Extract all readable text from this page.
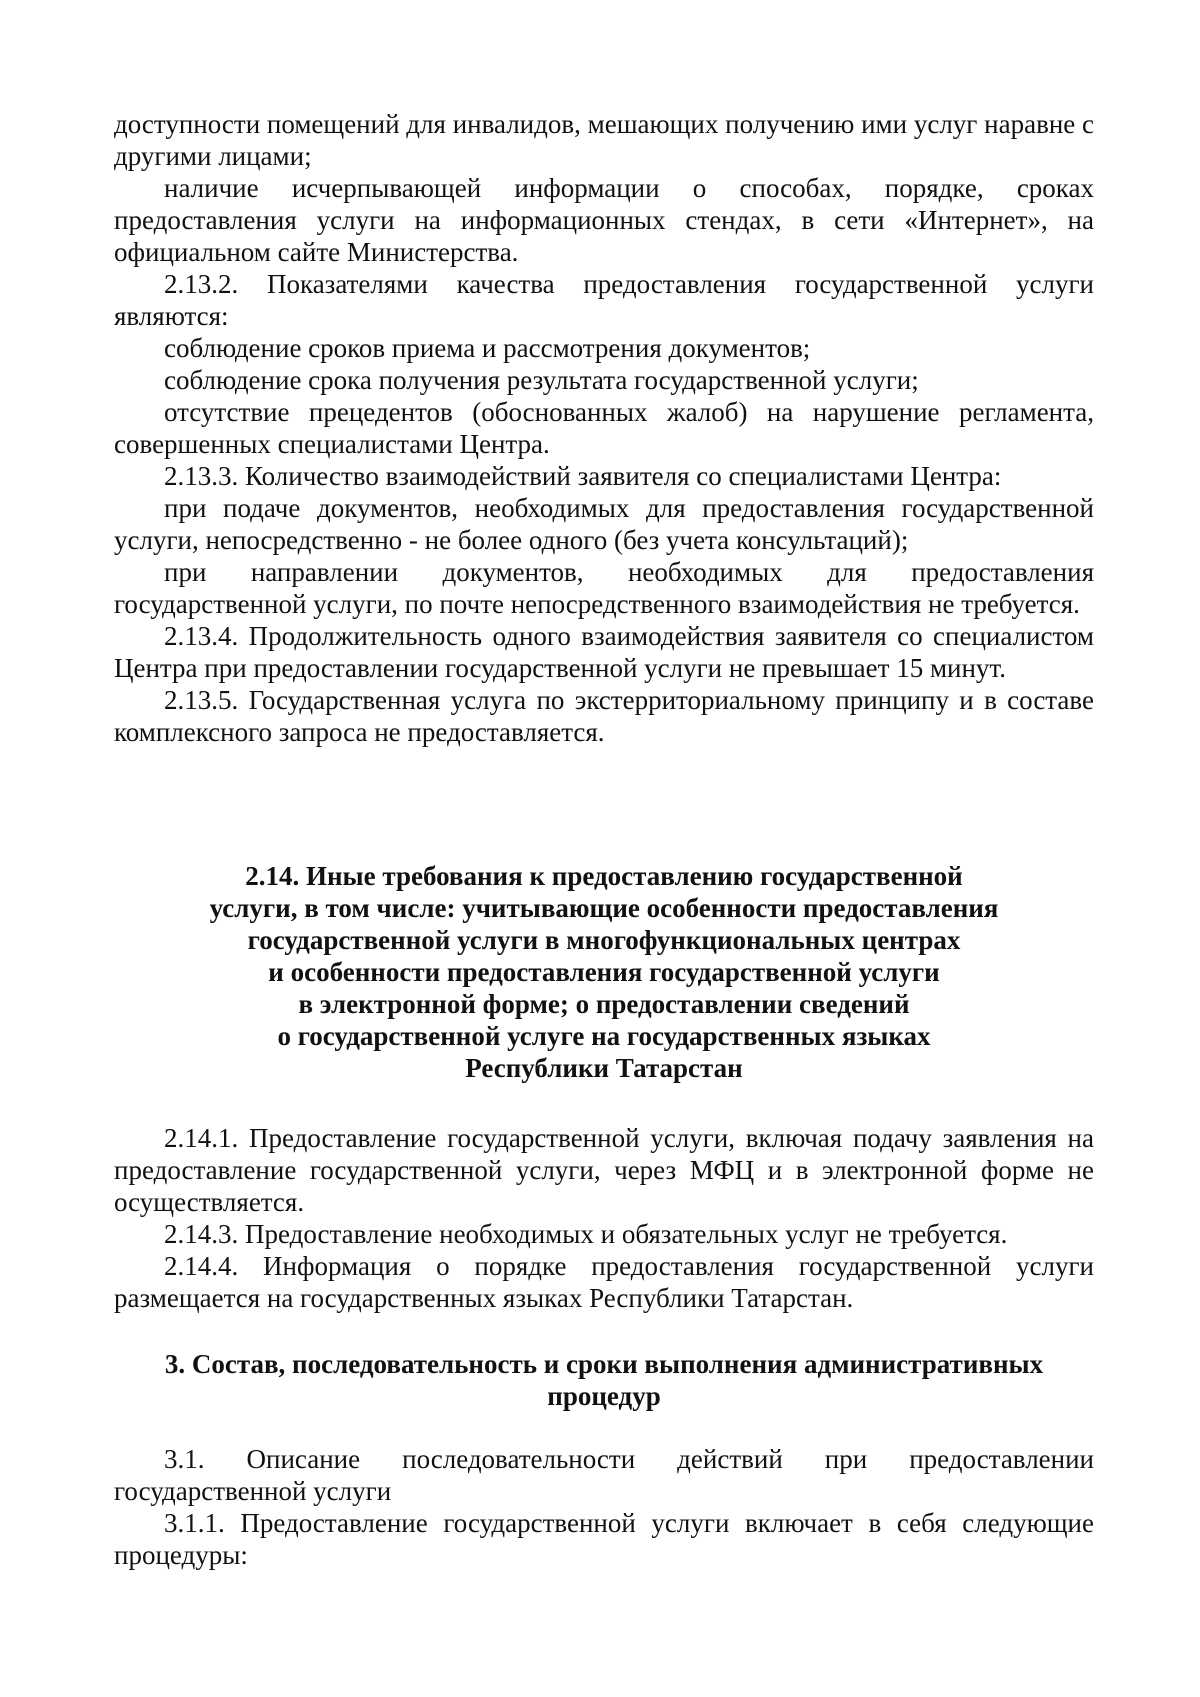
доступности помещений для инвалидов, мешающих получению ими услуг наравне с другими лицами;

наличие исчерпывающей информации о способах, порядке, сроках предоставления услуги на информационных стендах, в сети «Интернет», на официальном сайте Министерства.

2.13.2. Показателями качества предоставления государственной услуги являются:

соблюдение сроков приема и рассмотрения документов;

соблюдение срока получения результата государственной услуги;

отсутствие прецедентов (обоснованных жалоб) на нарушение регламента, совершенных специалистами Центра.

2.13.3. Количество взаимодействий заявителя со специалистами Центра:

при подаче документов, необходимых для предоставления государственной услуги, непосредственно - не более одного (без учета консультаций);

при направлении документов, необходимых для предоставления государственной услуги, по почте непосредственного взаимодействия не требуется.

2.13.4. Продолжительность одного взаимодействия заявителя со специалистом Центра при предоставлении государственной услуги не превышает 15 минут.

2.13.5. Государственная услуга по экстерриториальному принципу и в составе комплексного запроса не предоставляется.

2.14. Иные требования к предоставлению государственной
услуги, в том числе: учитывающие особенности предоставления
государственной услуги в многофункциональных центрах
и особенности предоставления государственной услуги
в электронной форме; о предоставлении сведений
о государственной услуге на государственных языках
Республики Татарстан

2.14.1. Предоставление государственной услуги, включая подачу заявления на предоставление государственной услуги, через МФЦ и в электронной форме не осуществляется.

2.14.3. Предоставление необходимых и обязательных услуг не требуется.

2.14.4. Информация о порядке предоставления государственной услуги размещается на государственных языках Республики Татарстан.

3. Состав, последовательность и сроки выполнения административных
процедур

3.1. Описание последовательности действий при предоставлении государственной услуги

3.1.1. Предоставление государственной услуги включает в себя следующие процедуры:
